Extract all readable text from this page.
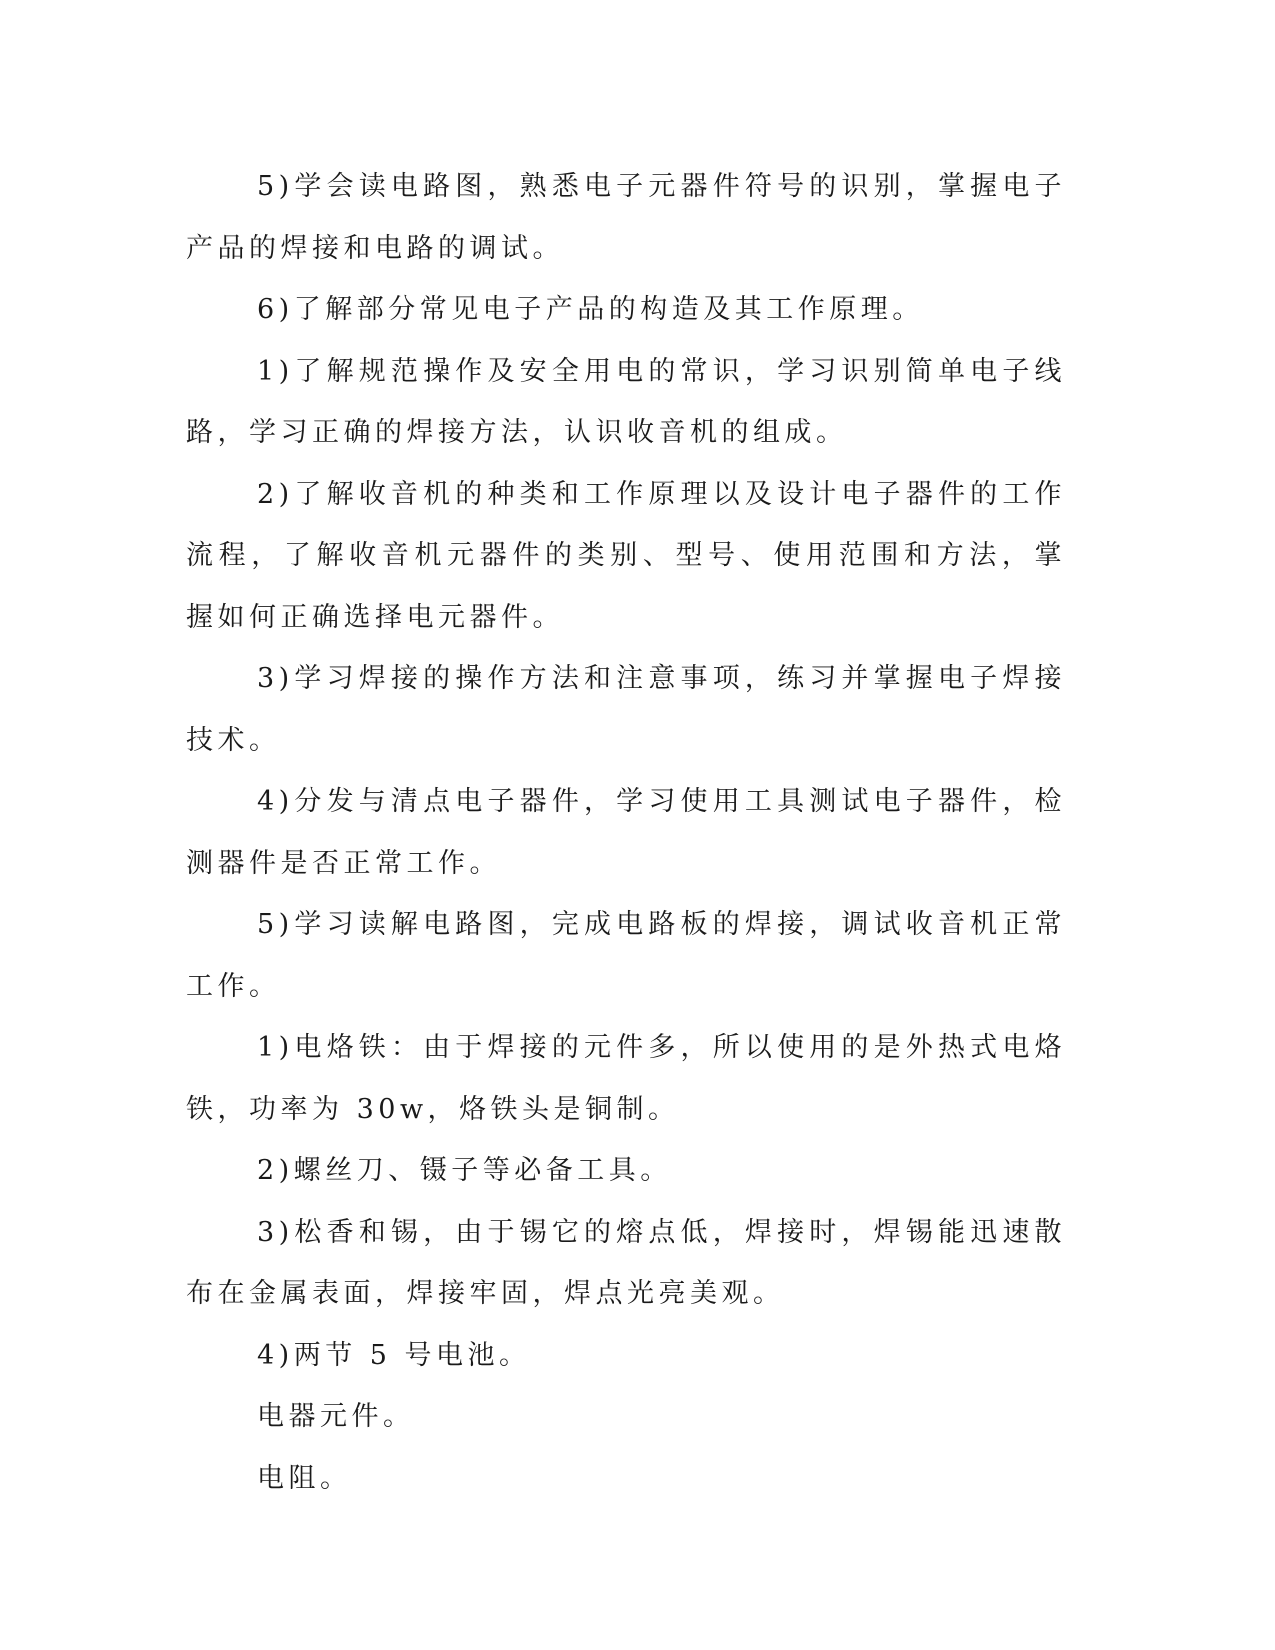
5)学会读电路图，熟悉电子元器件符号的识别，掌握电子产品的焊接和电路的调试。

6)了解部分常见电子产品的构造及其工作原理。

1)了解规范操作及安全用电的常识，学习识别简单电子线路，学习正确的焊接方法，认识收音机的组成。

2)了解收音机的种类和工作原理以及设计电子器件的工作流程，了解收音机元器件的类别、型号、使用范围和方法，掌握如何正确选择电元器件。

3)学习焊接的操作方法和注意事项，练习并掌握电子焊接技术。

4)分发与清点电子器件，学习使用工具测试电子器件，检测器件是否正常工作。

5)学习读解电路图，完成电路板的焊接，调试收音机正常工作。

1)电烙铁：由于焊接的元件多，所以使用的是外热式电烙铁，功率为 30w，烙铁头是铜制。

2)螺丝刀、镊子等必备工具。

3)松香和锡，由于锡它的熔点低，焊接时，焊锡能迅速散布在金属表面，焊接牢固，焊点光亮美观。

4)两节 5 号电池。

电器元件。

电阻。
